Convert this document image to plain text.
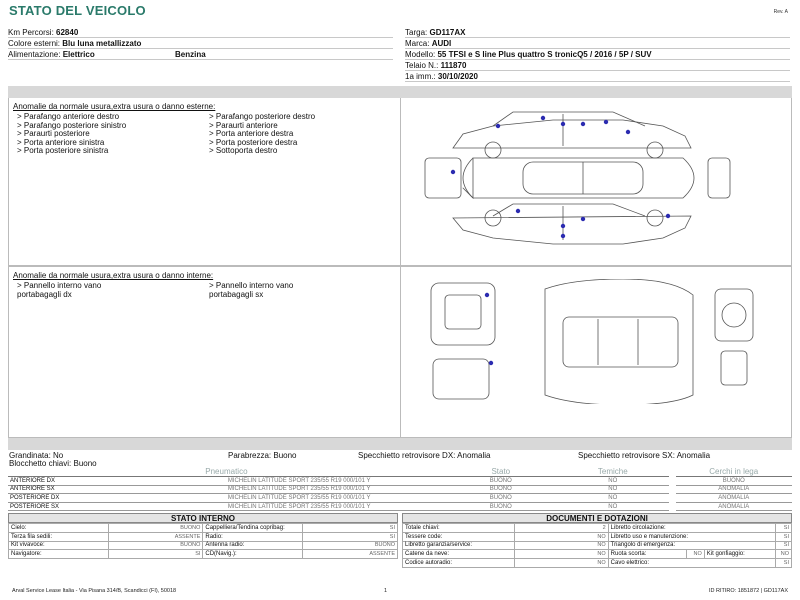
STATO DEL VEICOLO	Rev. A
Km Percorsi: 62840
Colore esterni: Blu luna metallizzato
Alimentazione: Elettrico	Benzina
Targa: GD117AX
Marca: AUDI
Modello: 55 TFSI e S line Plus quattro S tronicQ5 / 2016 / 5P / SUV
Telaio N.: 111870
1a imm.: 30/10/2020
Anomalie da normale usura,extra usura o danno esterne:
> Parafango anteriore destro
> Parafango posteriore sinistro
> Paraurti posteriore
> Porta anteriore sinistra
> Porta posteriore sinistra
> Parafango posteriore destro
> Paraurti anteriore
> Porta anteriore destra
> Porta posteriore destra
> Sottoporta destro
Anomalie da normale usura,extra usura o danno interne:
> Pannello interno vano
portabagagli dx
> Pannello interno vano
portabagagli sx
Grandinata: No	Parabrezza: Buono	Specchietto retrovisore DX: Anomalia	Specchietto retrovisore SX: Anomalia
Blocchetto chiavi: Buono
Pneumatico		Stato	Temiche		Cerchi in lega
ANTERIORE DX	MICHELIN LATITUDE SPORT 235/55 R19 000/101 Y	BUONO	NO		BUONO
ANTERIORE SX	MICHELIN LATITUDE SPORT 235/55 R19 000/101 Y	BUONO	NO		ANOMALIA
POSTERIORE DX	MICHELIN LATITUDE SPORT 235/55 R19 000/101 Y	BUONO	NO		ANOMALIA
POSTERIORE SX	MICHELIN LATITUDE SPORT 235/55 R19 000/101 Y	BUONO	NO		ANOMALIA
STATO INTERNO
Cielo:	BUONO	Cappelliera/Tendina copribag:	SI
Terza fila sedili:	ASSENTE	Radio:	SI
Kit vivavoce:	BUONO	Antenna radio:	BUONO
Navigatore:	SI	CD(Navig.):	ASSENTE
DOCUMENTI E DOTAZIONI
Totale chiavi:	2	Libretto circolazione:			SI
Tessere code:	NO	Libretto uso e manutenzione:			SI
Libretto garanzia/service:	NO	Triangolo di emergenza:			SI
Catene da neve:	NO	Ruota scorta:	NO	Kit gonfiaggio:	NO
Codice autoradio:	NO	Cavo elettrico:			SI
Arval Service Lease Italia - Via Pisana 314/B, Scandicci (FI), 50018	1	ID RITIRO: 1851872 | GD117AX
